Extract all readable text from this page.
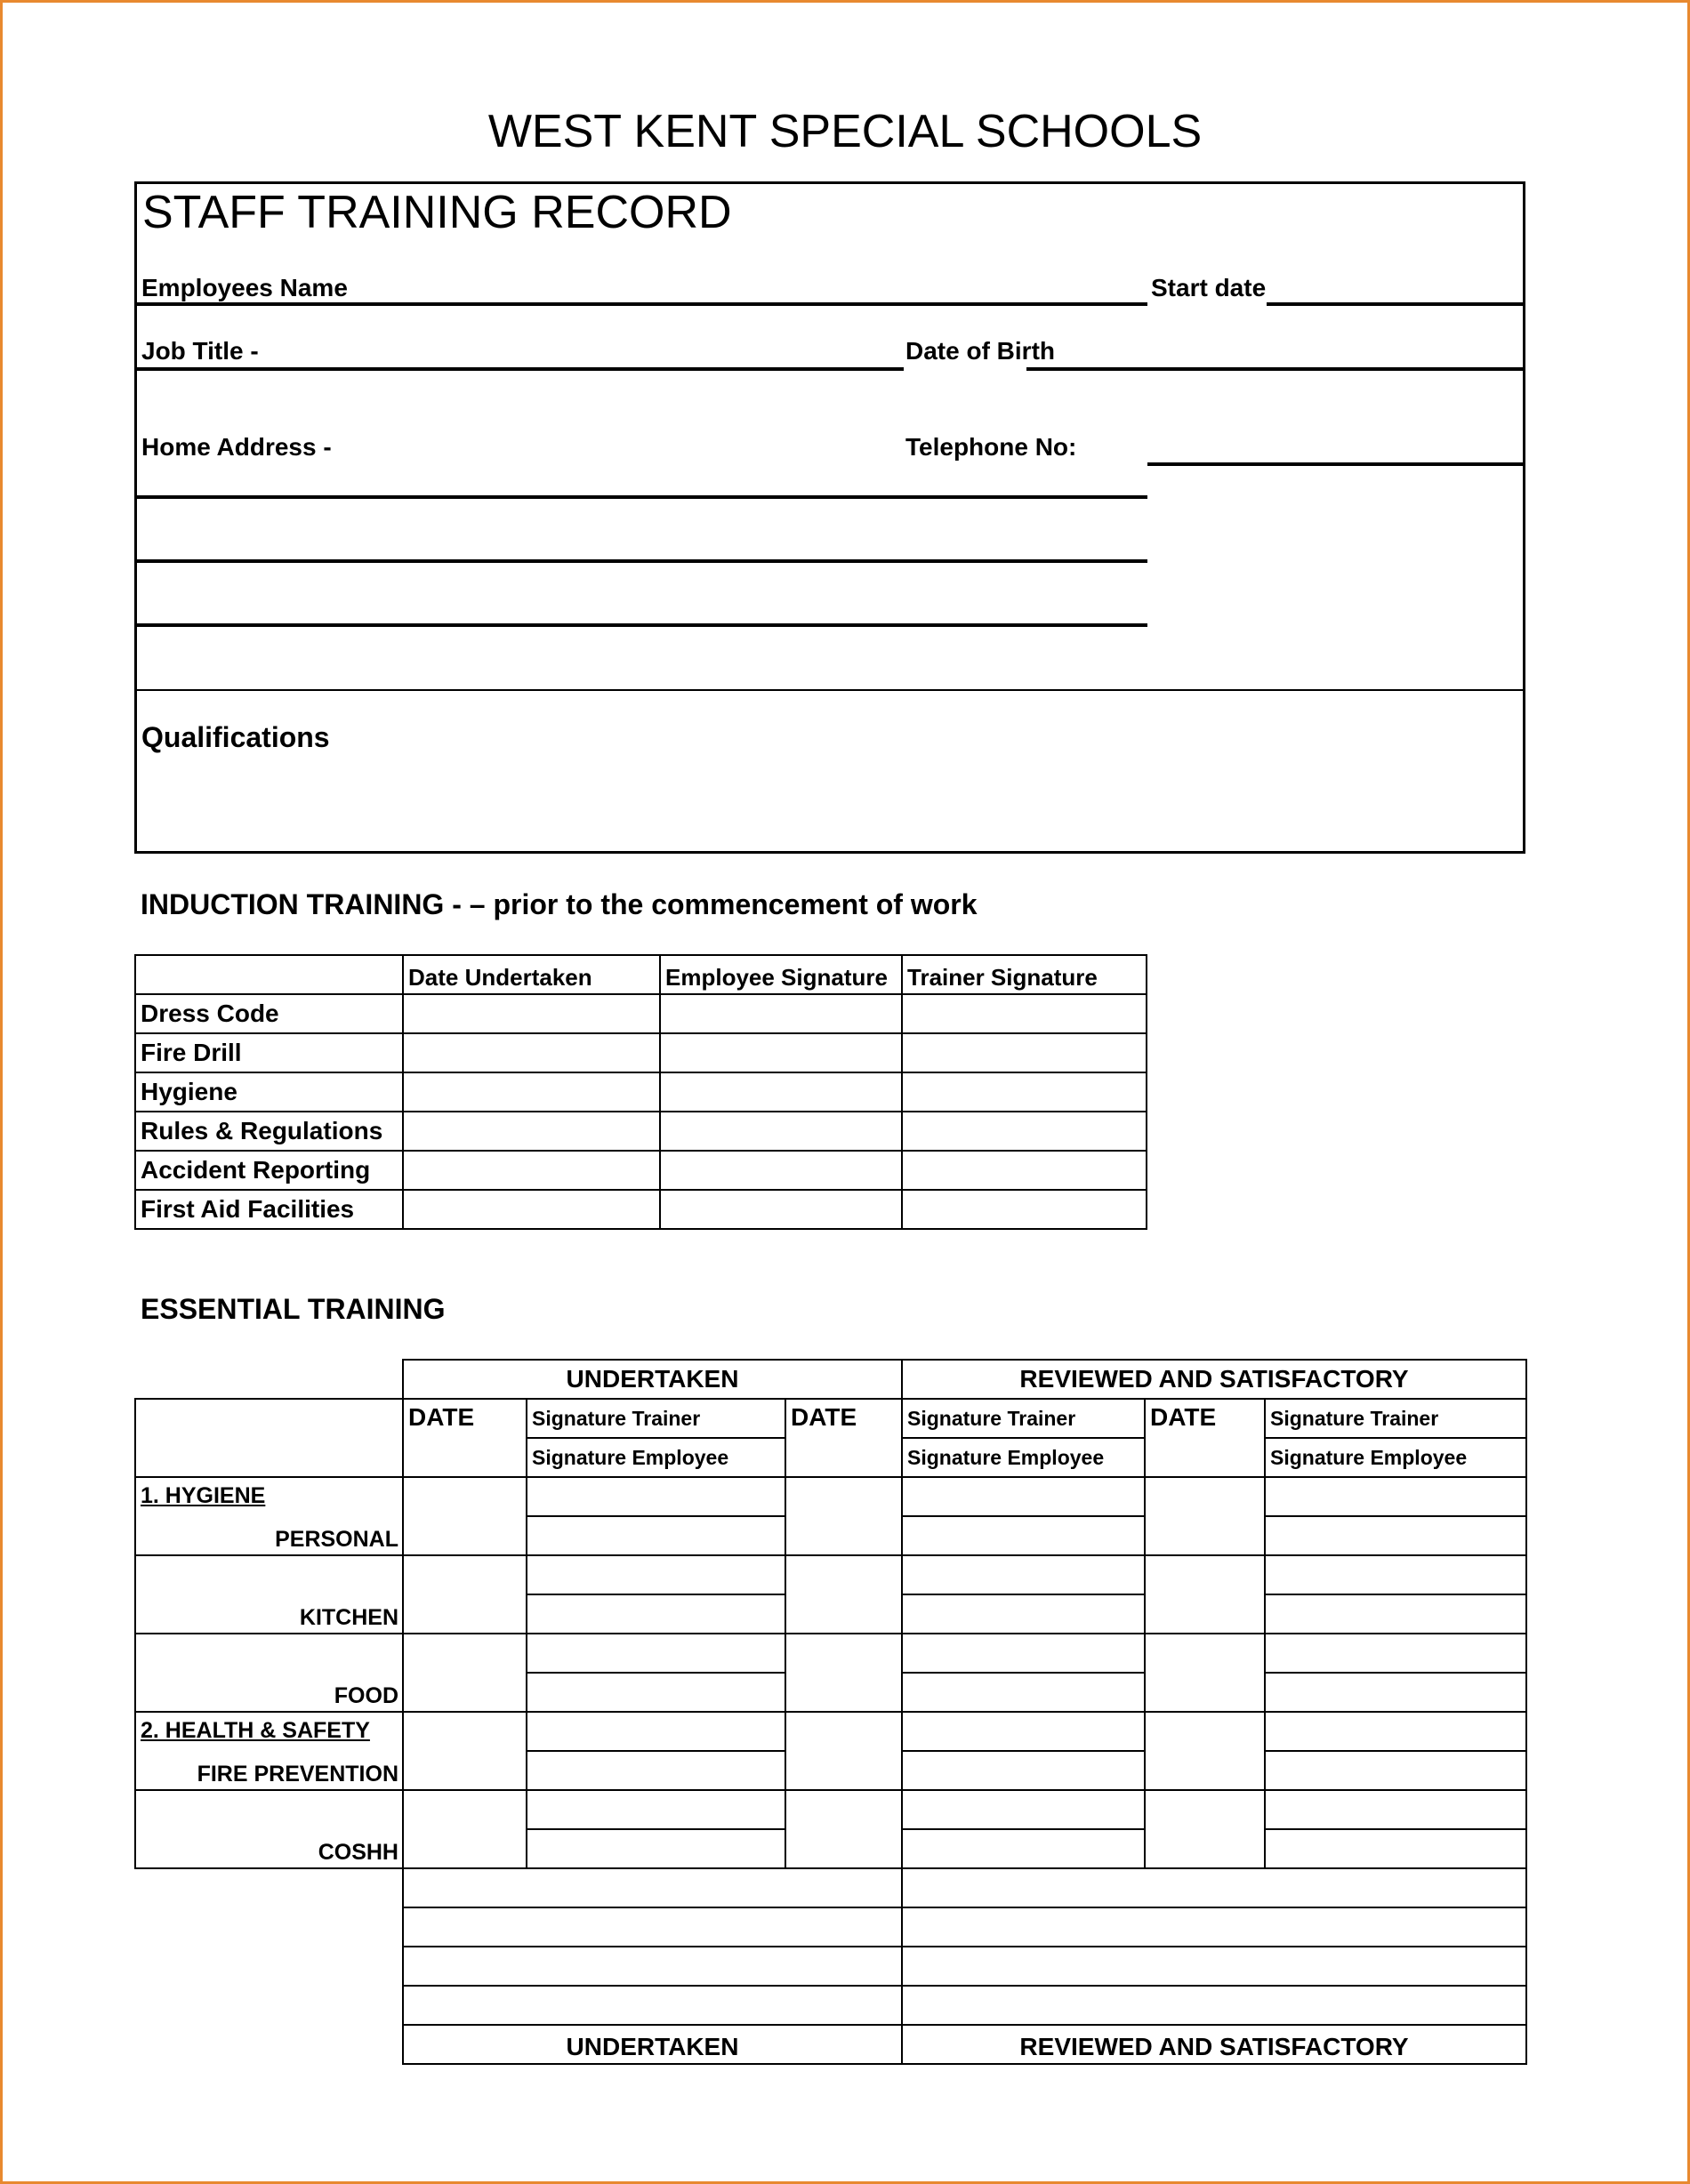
WEST KENT SPECIAL SCHOOLS
STAFF TRAINING RECORD
Employees Name	Start date
Job Title -	Date of Birth
Home Address -	Telephone No:
Qualifications
INDUCTION TRAINING - – prior to the commencement of work
	Date Undertaken	Employee Signature	Trainer Signature
Dress Code			
Fire Drill			
Hygiene			
Rules & Regulations			
Accident Reporting			
First Aid Facilities			
ESSENTIAL TRAINING
	UNDERTAKEN			REVIEWED AND SATISFACTORY		
	DATE	Signature Trainer	DATE	Signature Trainer	DATE	Signature Trainer
		Signature Employee		Signature Employee		Signature Employee
1. HYGIENE						
PERSONAL						
KITCHEN						

FOOD						

2. HEALTH & SAFETY						
FIRE PREVENTION						
COSHH						

	UNDERTAKEN			REVIEWED AND SATISFACTORY		
